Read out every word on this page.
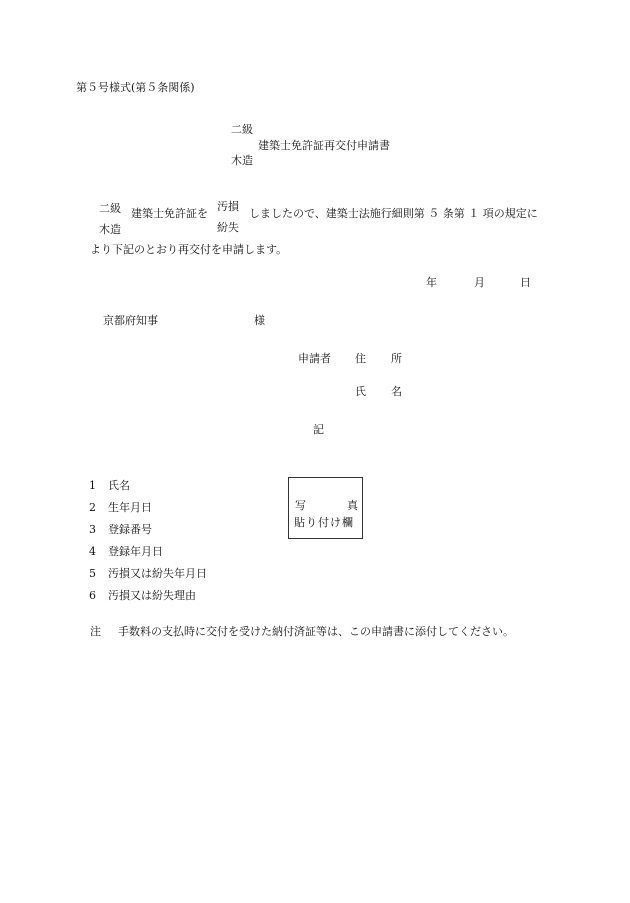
第５号様式(第５条関係)
二級
建築士免許証再交付申請書
木造
二級
木造
建築士免許証を
汚損
紛失
しましたので、建築士法施行細則第 ５ 条第 １ 項の規定に
より下記のとおり再交付を申請します。
年	月	日
京都府知事	様
申請者 住 所
氏 名
記
1 氏名
2 生年月日
3 登録番号
4 登録年月日
5 汚損又は紛失年月日
6 汚損又は紛失理由
写	真
貼り付け欄
注 手数料の支払時に交付を受けた納付済証等は、この申請書に添付してください。
